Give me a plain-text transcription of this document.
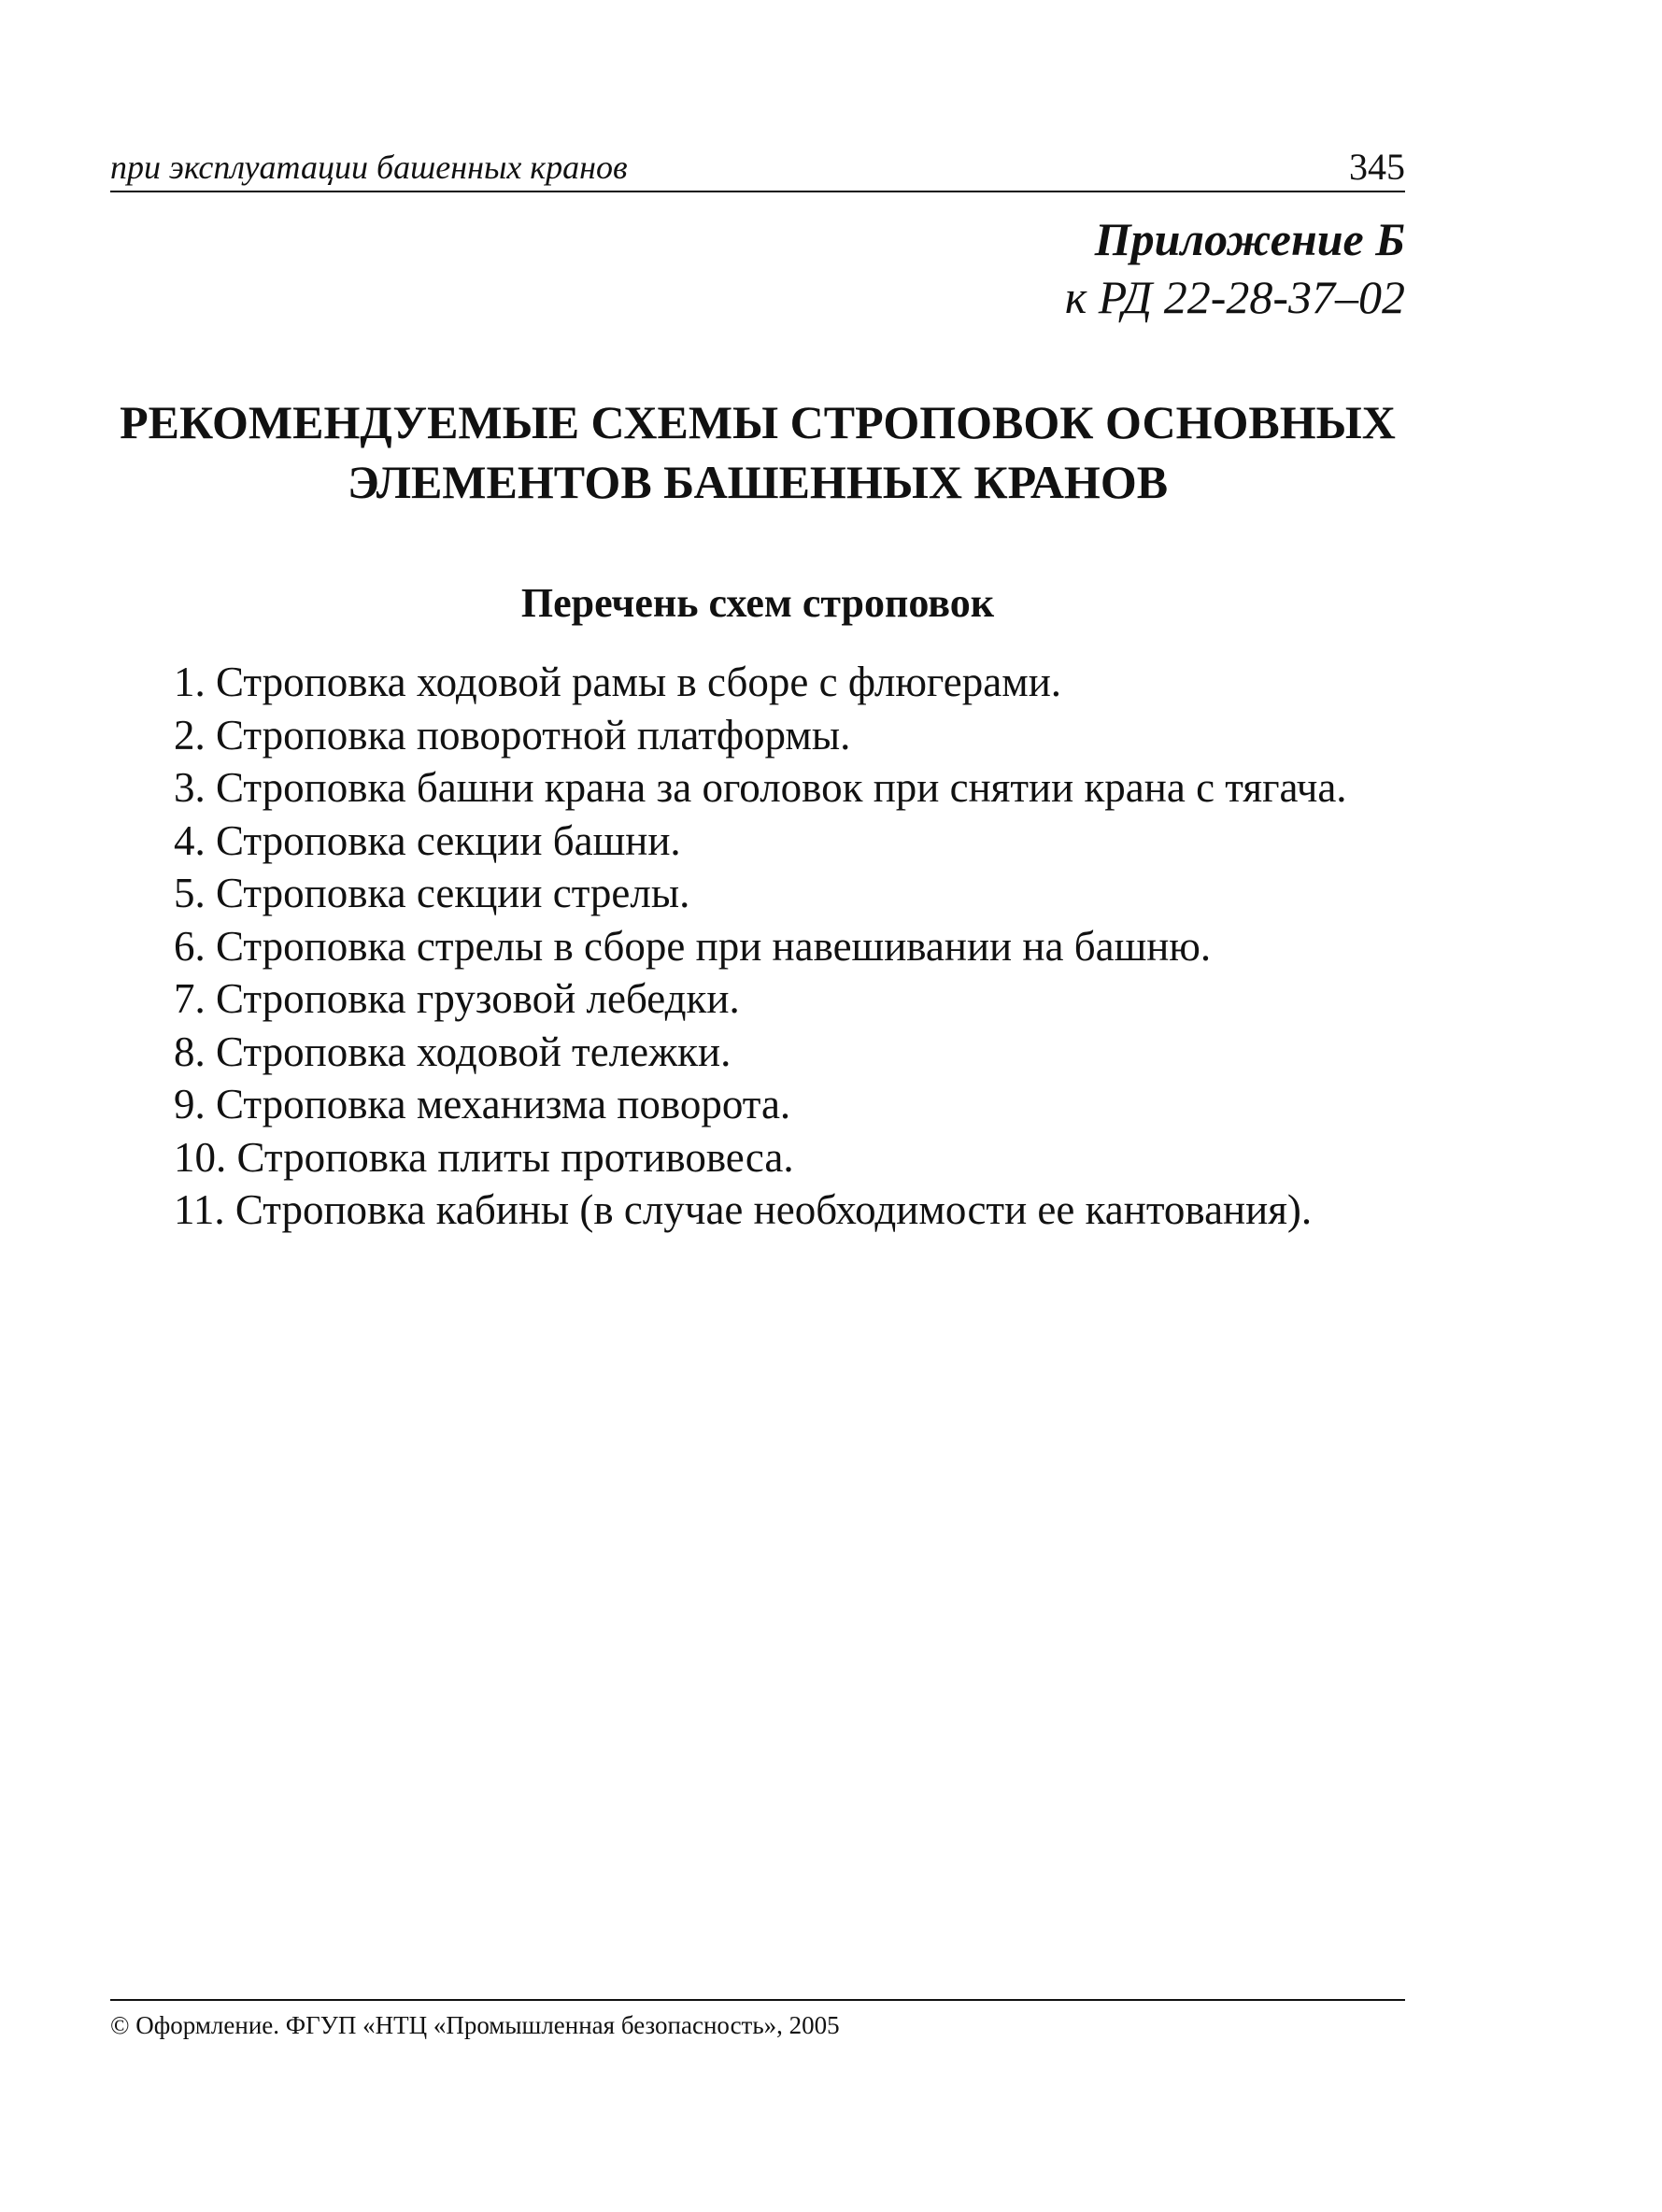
при эксплуатации башенных кранов	345
Приложение Б
к РД 22-28-37–02
РЕКОМЕНДУЕМЫЕ СХЕМЫ СТРОПОВОК ОСНОВНЫХ
ЭЛЕМЕНТОВ БАШЕННЫХ КРАНОВ
Перечень схем строповок
1. Строповка ходовой рамы в сборе с флюгерами.
2. Строповка поворотной платформы.
3. Строповка башни крана за оголовок при снятии крана с тягача.
4. Строповка секции башни.
5. Строповка секции стрелы.
6. Строповка стрелы в сборе при навешивании на башню.
7. Строповка грузовой лебедки.
8. Строповка ходовой тележки.
9. Строповка механизма поворота.
10. Строповка плиты противовеса.
11. Строповка кабины (в случае необходимости ее кантования).
© Оформление. ФГУП «НТЦ «Промышленная безопасность», 2005
